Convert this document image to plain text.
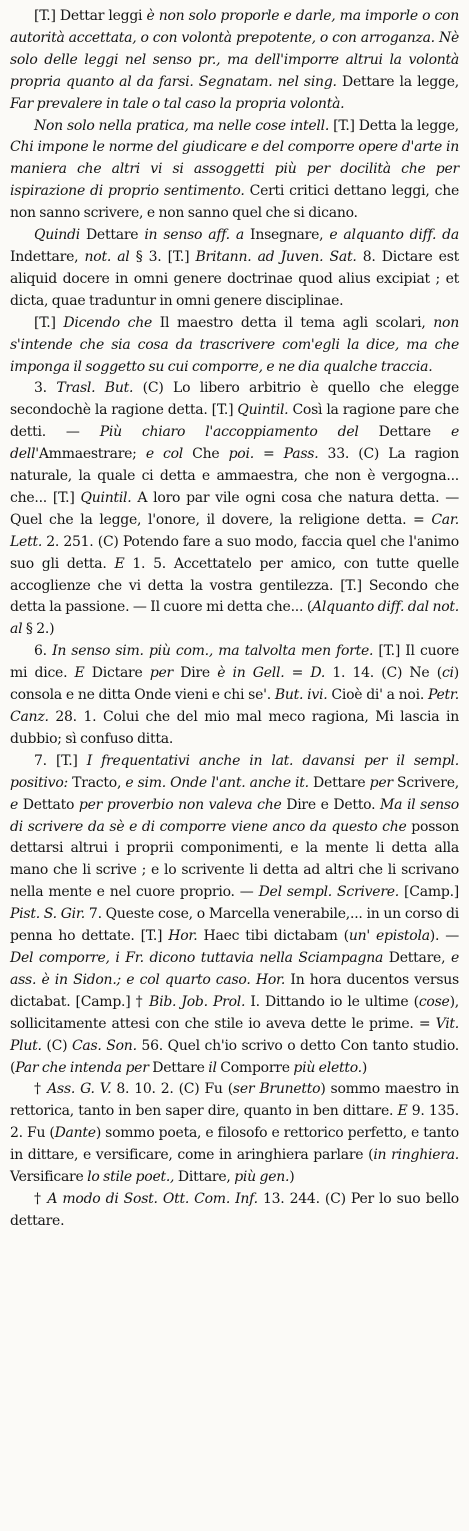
[T.] Dettar leggi è non solo proporle e darle, ma imporle o con autorità accettata, o con volontà prepotente, o con arroganza. Nè solo delle leggi nel senso pr., ma dell'imporre altrui la volontà propria quanto al da farsi. Segnatam. nel sing. Dettare la legge, Far prevalere in tale o tal caso la propria volontà.

Non solo nella pratica, ma nelle cose intell. [T.] Detta la legge, Chi impone le norme del giudicare e del comporre opere d'arte in maniera che altri vi si assoggetti più per docilità che per ispirazione di proprio sentimento. Certi critici dettano leggi, che non sanno scrivere, e non sanno quel che si dicano.

Quindi Dettare in senso aff. a Insegnare, e alquanto diff. da Indettare, not. al § 3. [T.] Britann. ad Juven. Sat. 8. Dictare est aliquid docere in omni genere doctrinae quod alius excipiat ; et dicta, quae traduntur in omni genere disciplinae.

[T.] Dicendo che Il maestro detta il tema agli scolari, non s'intende che sia cosa da trascrivere com'egli la dice, ma che imponga il soggetto su cui comporre, e ne dia qualche traccia.

3. Trasl. But. (C) Lo libero arbitrio è quello che elegge secondochè la ragione detta. [T.] Quintil. Così la ragione pare che detti. — Più chiaro l'accoppiamento del Dettare e dell'Ammaestrare; e col Che poi. = Pass. 33. (C) La ragion naturale, la quale ci detta e ammaestra, che non è vergogna... che... [T.] Quintil. A loro par vile ogni cosa che natura detta. — Quel che la legge, l'onore, il dovere, la religione detta. = Car. Lett. 2. 251. (C) Potendo fare a suo modo, faccia quel che l'animo suo gli detta. E 1. 5. Accettatelo per amico, con tutte quelle accoglienze che vi detta la vostra gentilezza. [T.] Secondo che detta la passione. — Il cuore mi detta che... (Alquanto diff. dal not. al § 2.)

6. In senso sim. più com., ma talvolta men forte. [T.] Il cuore mi dice. E Dictare per Dire è in Gell. = D. 1. 14. (C) Ne (ci) consola e ne ditta Onde vieni e chi se'. But. ivi. Cioè di' a noi. Petr. Canz. 28. 1. Colui che del mio mal meco ragiona, Mi lascia in dubbio; sì confuso ditta.

7. [T.] I frequentativi anche in lat. davansi per il sempl. positivo: Tracto, e sim. Onde l'ant. anche it. Dettare per Scrivere, e Dettato per proverbio non valeva che Dire e Detto. Ma il senso di scrivere da sè e di comporre viene anco da questo che posson dettarsi altrui i proprii componimenti, e la mente li detta alla mano che li scrive ; e lo scrivente li detta ad altri che li scrivano nella mente e nel cuore proprio. — Del sempl. Scrivere. [Camp.] Pist. S. Gir. 7. Queste cose, o Marcella venerabile,... in un corso di penna ho dettate. [T.] Hor. Haec tibi dictabam (un' epistola). — Del comporre, i Fr. dicono tuttavia nella Sciampagna Dettare, e ass. è in Sidon.; e col quarto caso. Hor. In hora ducentos versus dictabat. [Camp.] † Bib. Job. Prol. I. Dittando io le ultime (cose), sollicitamente attesi con che stile io aveva dette le prime. = Vit. Plut. (C) Cas. Son. 56. Quel ch'io scrivo o detto Con tanto studio. (Par che intenda per Dettare il Comporre più eletto.)

† Ass. G. V. 8. 10. 2. (C) Fu (ser Brunetto) sommo maestro in rettorica, tanto in ben saper dire, quanto in ben dittare. E 9. 135. 2. Fu (Dante) sommo poeta, e filosofo e rettorico perfetto, e tanto in dittare, e versificare, come in aringhiera parlare (in ringhiera. Versificare lo stile poet., Dittare, più gen.)

† A modo di Sost. Ott. Com. Inf. 13. 244. (C) Per lo suo bello dettare.
